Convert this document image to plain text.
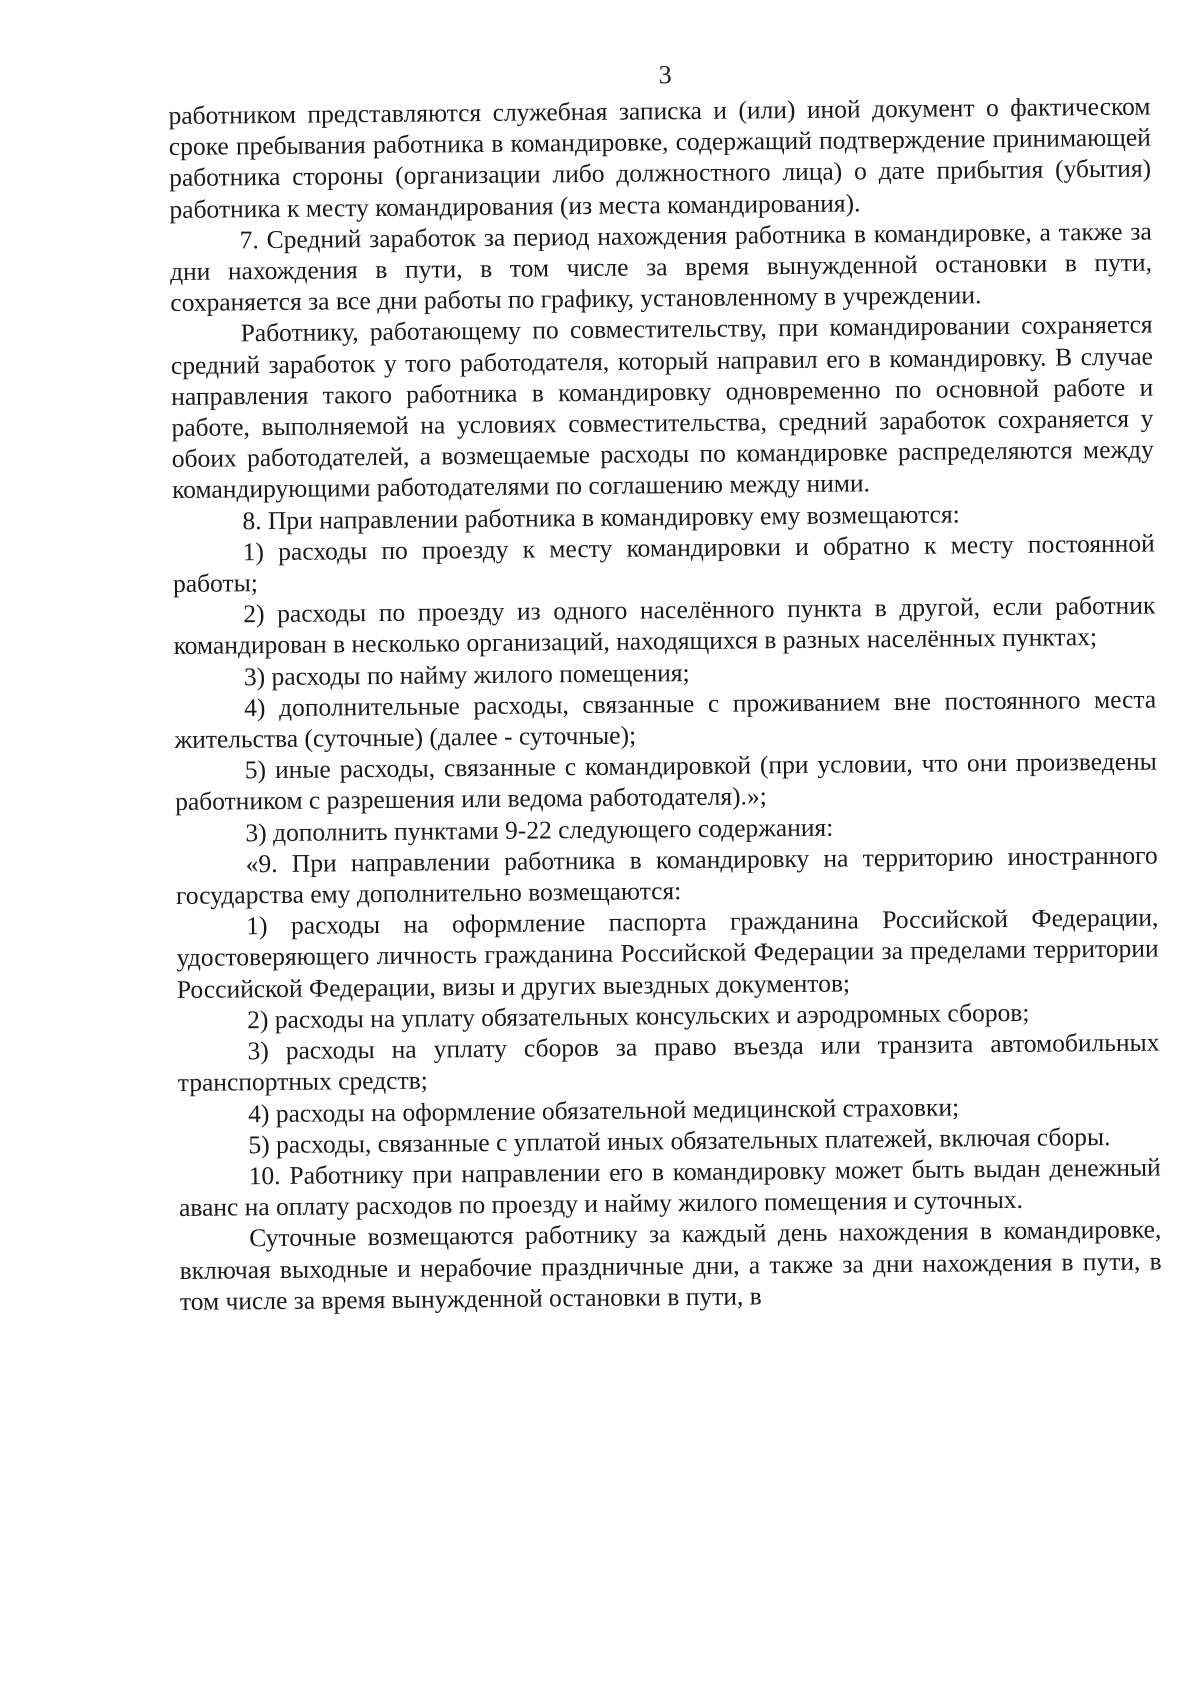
3

работником представляются служебная записка и (или) иной документ о фактическом сроке пребывания работника в командировке, содержащий подтверждение принимающей работника стороны (организации либо должностного лица) о дате прибытия (убытия) работника к месту командирования (из места командирования).

7. Средний заработок за период нахождения работника в командировке, а также за дни нахождения в пути, в том числе за время вынужденной остановки в пути, сохраняется за все дни работы по графику, установленному в учреждении.

Работнику, работающему по совместительству, при командировании сохраняется средний заработок у того работодателя, который направил его в командировку. В случае направления такого работника в командировку одновременно по основной работе и работе, выполняемой на условиях совместительства, средний заработок сохраняется у обоих работодателей, а возмещаемые расходы по командировке распределяются между командирующими работодателями по соглашению между ними.

8. При направлении работника в командировку ему возмещаются:

1) расходы по проезду к месту командировки и обратно к месту постоянной работы;

2) расходы по проезду из одного населённого пункта в другой, если работник командирован в несколько организаций, находящихся в разных населённых пунктах;

3) расходы по найму жилого помещения;

4) дополнительные расходы, связанные с проживанием вне постоянного места жительства (суточные) (далее - суточные);

5) иные расходы, связанные с командировкой (при условии, что они произведены работником с разрешения или ведома работодателя).»;

3) дополнить пунктами 9-22 следующего содержания:

«9. При направлении работника в командировку на территорию иностранного государства ему дополнительно возмещаются:

1) расходы на оформление паспорта гражданина Российской Федерации, удостоверяющего личность гражданина Российской Федерации за пределами территории Российской Федерации, визы и других выездных документов;

2) расходы на уплату обязательных консульских и аэродромных сборов;

3) расходы на уплату сборов за право въезда или транзита автомобильных транспортных средств;

4) расходы на оформление обязательной медицинской страховки;

5) расходы, связанные с уплатой иных обязательных платежей, включая сборы.

10. Работнику при направлении его в командировку может быть выдан денежный аванс на оплату расходов по проезду и найму жилого помещения и суточных.

Суточные возмещаются работнику за каждый день нахождения в командировке, включая выходные и нерабочие праздничные дни, а также за дни нахождения в пути, в том числе за время вынужденной остановки в пути, в
